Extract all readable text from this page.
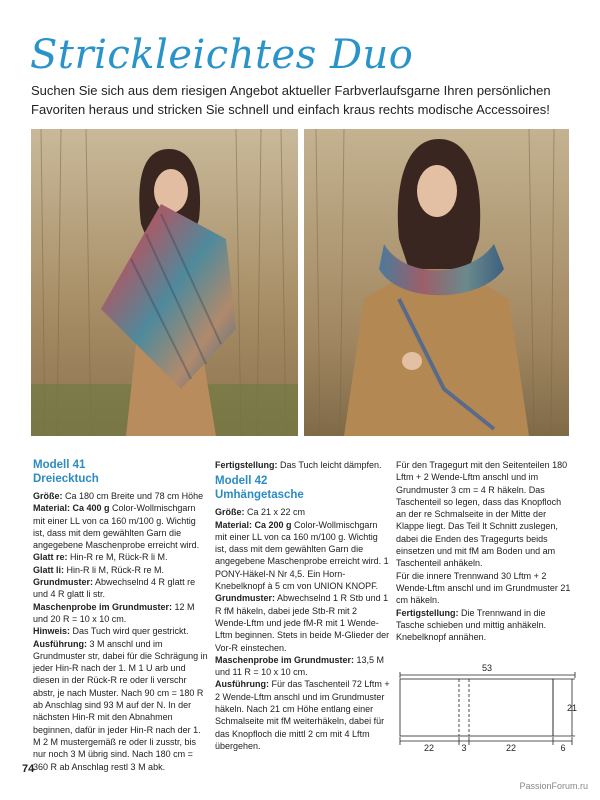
Strickleichtes Duo

Suchen Sie sich aus dem riesigen Angebot aktueller Farbverlaufsgarne Ihren persönlichen Favoriten heraus und stricken Sie schnell und einfach kraus rechts modische Accessoires!

Modell 41

Dreiecktuch

Größe: Ca 180 cm Breite und 78 cm Höhe

Material: Ca 400 g Color-Wollmischgarn mit einer LL von ca 160 m/100 g. Wichtig ist, dass mit dem gewählten Garn die angegebene Maschenprobe erreicht wird.

Glatt re: Hin-R re M, Rück-R li M.

Glatt li: Hin-R li M, Rück-R re M.

Grundmuster: Abwechselnd 4 R glatt re und 4 R glatt li str.

Maschenprobe im Grundmuster: 12 M und 20 R = 10 x 10 cm.

Hinweis: Das Tuch wird quer gestrickt.

Ausführung: 3 M anschl und im Grundmuster str, dabei für die Schrägung in jeder Hin-R nach der 1. M 1 U arb und diesen in der Rück-R re oder li verschr abstr, je nach Muster. Nach 90 cm = 180 R ab Anschlag sind 93 M auf der N. In der nächsten Hin-R mit den Abnahmen beginnen, dafür in jeder Hin-R nach der 1. M 2 M mustergemäß re oder li zusstr, bis nur noch 3 M übrig sind. Nach 180 cm = 360 R ab Anschlag restl 3 M abk.

Fertigstellung: Das Tuch leicht dämpfen.

Modell 42

Umhängetasche

Größe: Ca 21 x 22 cm

Material: Ca 200 g Color-Wollmischgarn mit einer LL von ca 160 m/100 g. Wichtig ist, dass mit dem gewählten Garn die angegebene Maschenprobe erreicht wird. 1 PONY-Häkel-N Nr 4,5. Ein Horn-Knebelknopf à 5 cm von UNION KNOPF.

Grundmuster: Abwechselnd 1 R Stb und 1 R fM häkeln, dabei jede Stb-R mit 2 Wende-Lftm und jede fM-R mit 1 Wende-Lftm beginnen. Stets in beide M-Glieder der Vor-R einstechen.

Maschenprobe im Grundmuster: 13,5 M und 11 R = 10 x 10 cm.

Ausführung: Für das Taschenteil 72 Lftm + 2 Wende-Lftm anschl und im Grundmuster häkeln. Nach 21 cm Höhe entlang einer Schmalseite mit fM weiterhäkeln, dabei für das Knopfloch die mittl 2 cm mit 4 Lftm übergehen.

Für den Tragegurt mit den Seitenteilen 180 Lftm + 2 Wende-Lftm anschl und im Grundmuster 3 cm = 4 R häkeln. Das Taschenteil so legen, dass das Knopfloch an der re Schmalseite in der Mitte der Klappe liegt. Das Teil lt Schnitt zuslegen, dabei die Enden des Tragegurts beids einsetzen und mit fM am Boden und am Taschenteil anhäkeln.

Für die innere Trennwand 30 Lftm + 2 Wende-Lftm anschl und im Grundmuster 21 cm häkeln.

Fertigstellung: Die Trennwand in die Tasche schieben und mittig anhäkeln. Knebelknopf annähen.

53
21
22	3	22	6
74
PassionForum.ru
